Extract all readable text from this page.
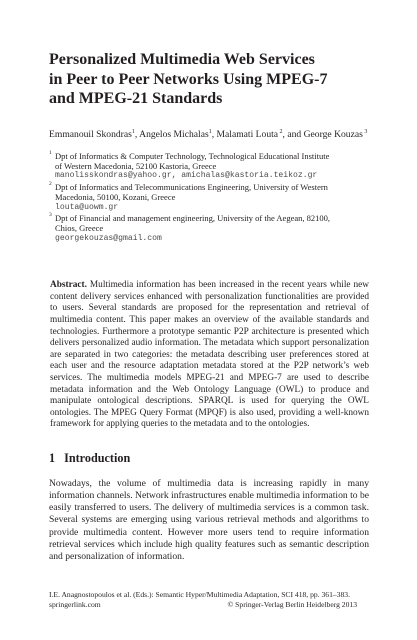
Personalized Multimedia Web Services
in Peer to Peer Networks Using MPEG-7
and MPEG-21 Standards
Emmanouil Skondras$^1$, Angelos Michalas$^1$, Malamati Louta $^2$, and George Kouzas $^3$
1 Dpt of Informatics & Computer Technology, Technological Educational Institute
of Western Macedonia, 52100 Kastoria, Greece
manolisskondras@yahoo.gr, amichalas@kastoria.teikoz.gr
2 Dpt of Informatics and Telecommunications Engineering, University of Western
Macedonia, 50100, Kozani, Greece
louta@uowm.gr
3 Dpt of Financial and management engineering, University of the Aegean, 82100,
Chios, Greece
georgekouzas@gmail.com
Abstract. Multimedia information has been increased in the recent years while new content delivery services enhanced with personalization functionalities are provided to users. Several standards are proposed for the representation and retrieval of multimedia content. This paper makes an overview of the available standards and technologies. Furthermore a prototype semantic P2P architecture is presented which delivers personalized audio information. The metadata which support personalization are separated in two categories: the metadata describing user preferences stored at each user and the resource adaptation metadata stored at the P2P network’s web services. The multimedia models MPEG-21 and MPEG-7 are used to describe metadata information and the Web Ontology Language (OWL) to produce and manipulate ontological descriptions. SPARQL is used for querying the OWL ontologies. The MPEG Query Format (MPQF) is also used, providing a well-known framework for applying queries to the metadata and to the ontologies.
1 Introduction
Nowadays, the volume of multimedia data is increasing rapidly in many information channels. Network infrastructures enable multimedia information to be easily transferred to users. The delivery of multimedia services is a common task. Several systems are emerging using various retrieval methods and algorithms to provide multimedia content. However more users tend to require information retrieval services which include high quality features such as semantic description and personalization of information.
I.E. Anagnostopoulos et al. (Eds.): Semantic Hyper/Multimedia Adaptation, SCI 418, pp. 361–383.
springerlink.com	© Springer-Verlag Berlin Heidelberg 2013
